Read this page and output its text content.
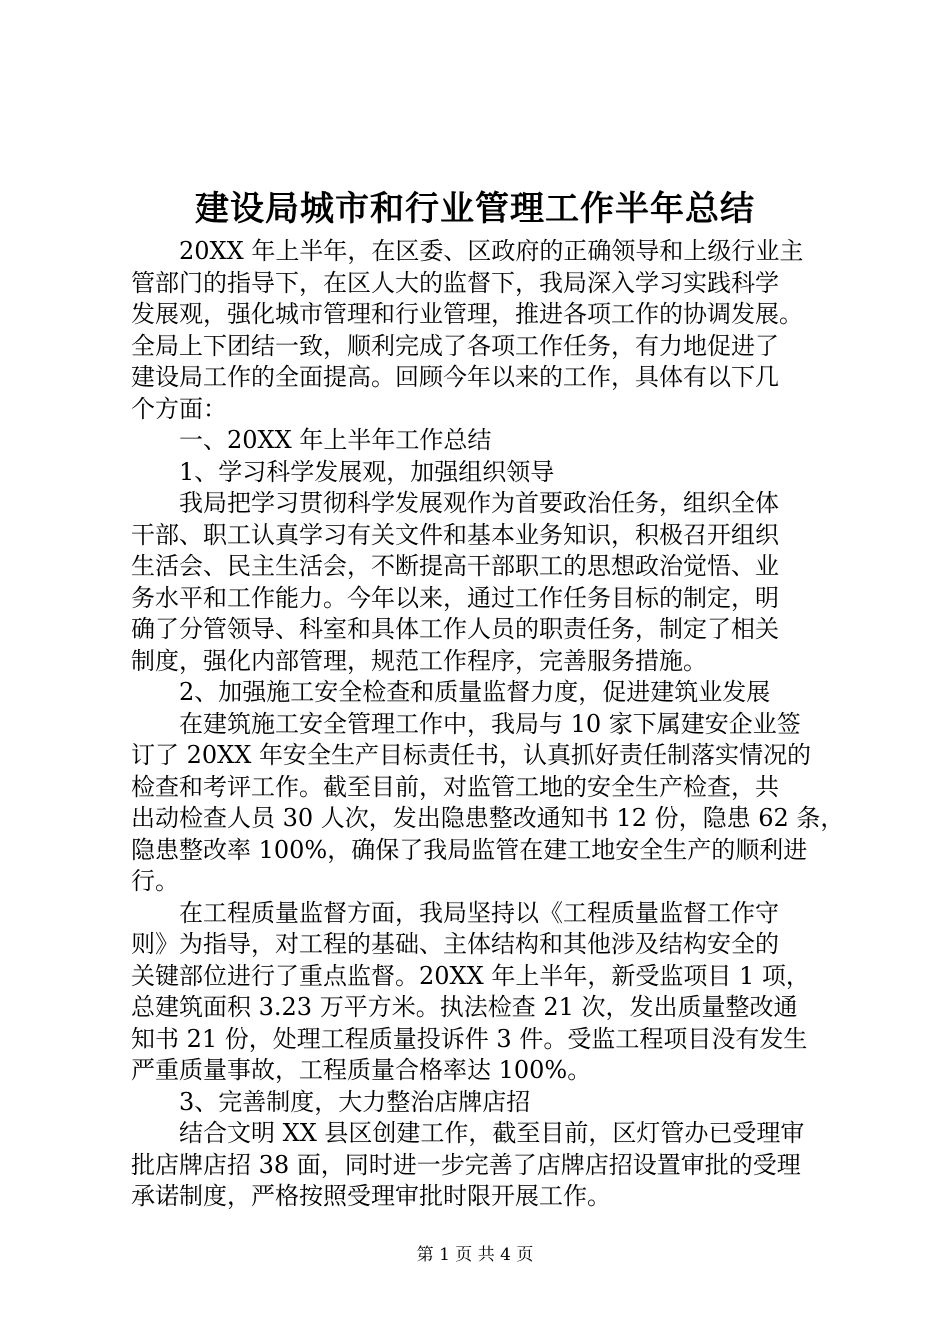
建设局城市和行业管理工作半年总结
20XX 年上半年，在区委、区政府的正确领导和上级行业主
管部门的指导下，在区人大的监督下，我局深入学习实践科学
发展观，强化城市管理和行业管理，推进各项工作的协调发展。
全局上下团结一致，顺利完成了各项工作任务，有力地促进了
建设局工作的全面提高。回顾今年以来的工作，具体有以下几
个方面：
一、20XX 年上半年工作总结
1、学习科学发展观，加强组织领导
我局把学习贯彻科学发展观作为首要政治任务，组织全体
干部、职工认真学习有关文件和基本业务知识，积极召开组织
生活会、民主生活会，不断提高干部职工的思想政治觉悟、业
务水平和工作能力。今年以来，通过工作任务目标的制定，明
确了分管领导、科室和具体工作人员的职责任务，制定了相关
制度，强化内部管理，规范工作程序，完善服务措施。
2、加强施工安全检查和质量监督力度，促进建筑业发展
在建筑施工安全管理工作中，我局与 10 家下属建安企业签
订了 20XX 年安全生产目标责任书，认真抓好责任制落实情况的
检查和考评工作。截至目前，对监管工地的安全生产检查，共
出动检查人员 30 人次，发出隐患整改通知书 12 份，隐患 62 条，
隐患整改率 100%，确保了我局监管在建工地安全生产的顺利进
行。
在工程质量监督方面，我局坚持以《工程质量监督工作守
则》为指导，对工程的基础、主体结构和其他涉及结构安全的
关键部位进行了重点监督。20XX 年上半年，新受监项目 1 项，
总建筑面积 3.23 万平方米。执法检查 21 次，发出质量整改通
知书 21 份，处理工程质量投诉件 3 件。受监工程项目没有发生
严重质量事故，工程质量合格率达 100%。
3、完善制度，大力整治店牌店招
结合文明 XX 县区创建工作，截至目前，区灯管办已受理审
批店牌店招 38 面，同时进一步完善了店牌店招设置审批的受理
承诺制度，严格按照受理审批时限开展工作。
第 1 页 共 4 页
